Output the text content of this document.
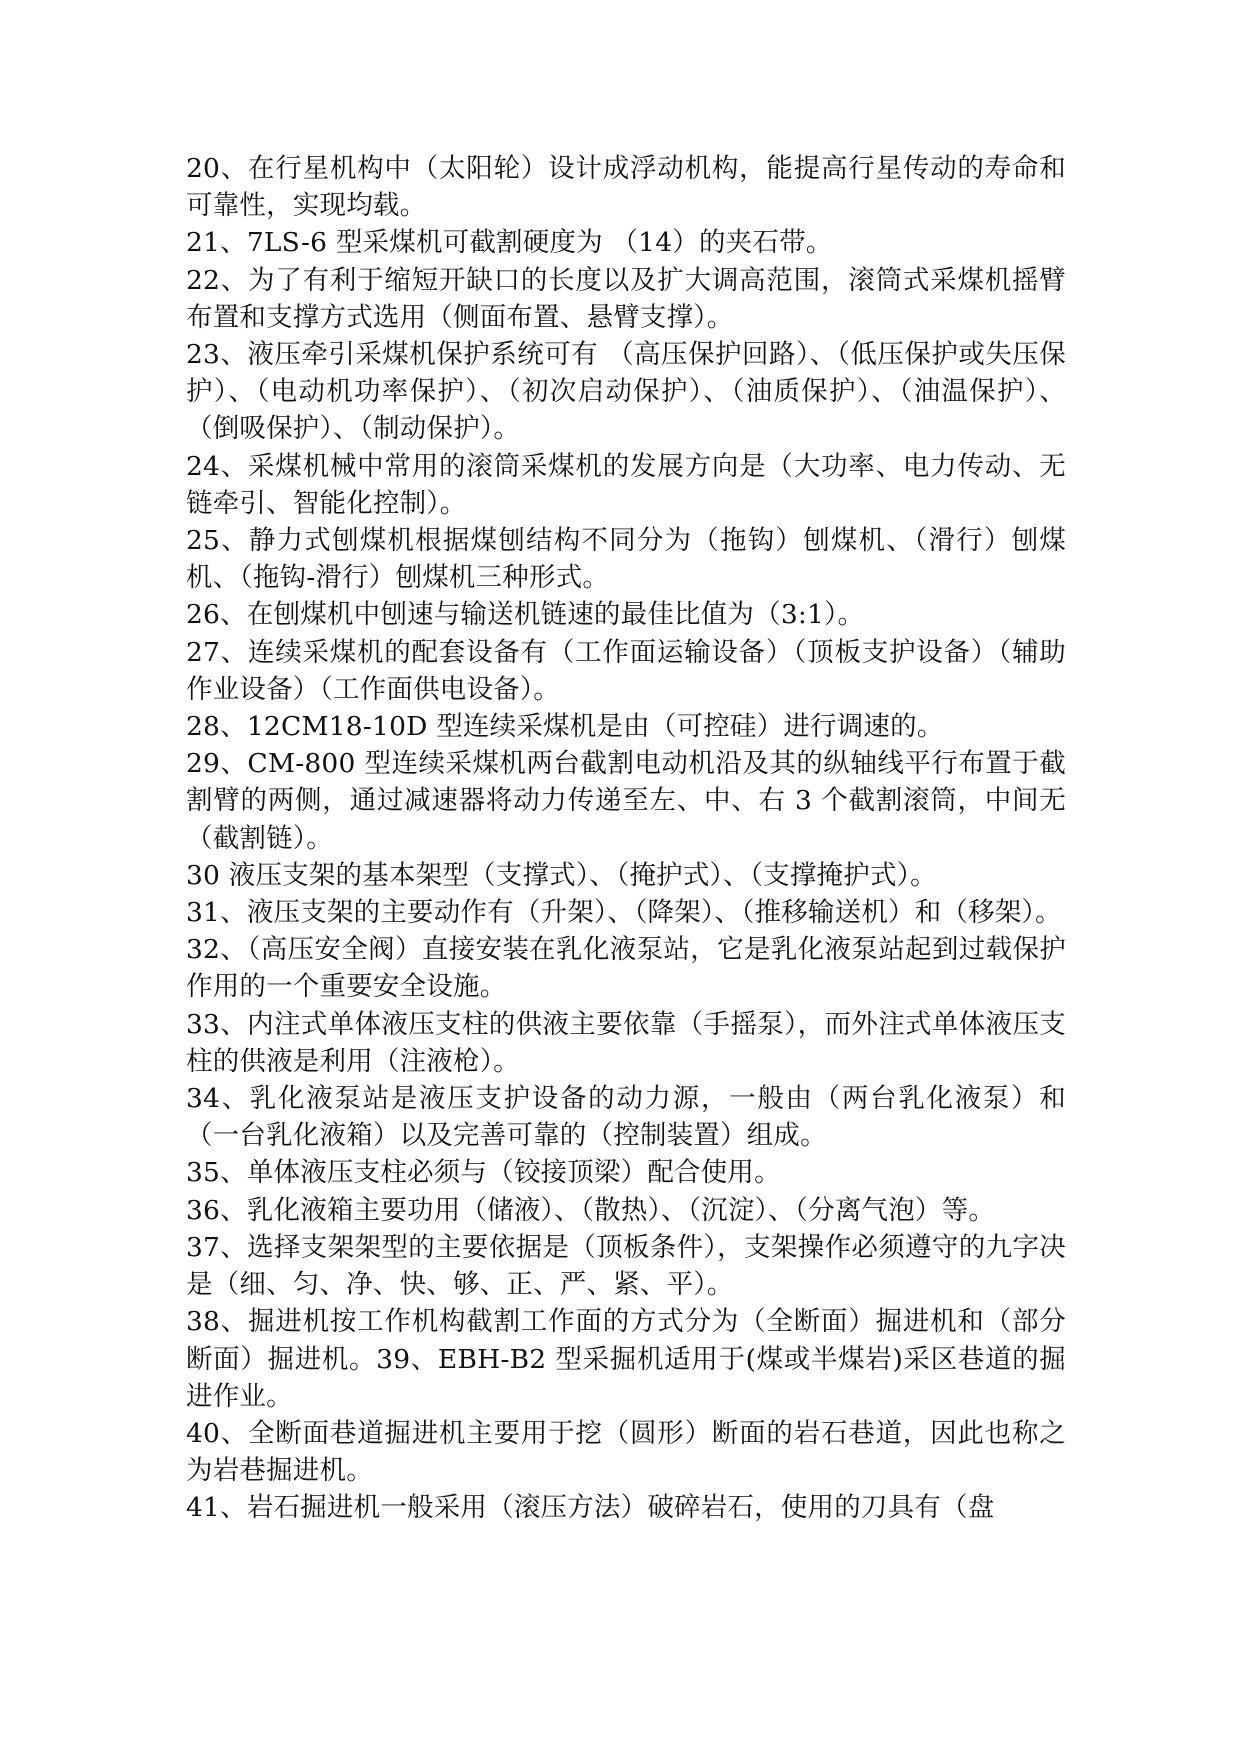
20、在行星机构中（太阳轮）设计成浮动机构，能提高行星传动的寿命和可靠性，实现均载。

21、7LS-6 型采煤机可截割硬度为 （14）的夹石带。

22、为了有利于缩短开缺口的长度以及扩大调高范围，滚筒式采煤机摇臂布置和支撑方式选用（侧面布置、悬臂支撑）。

23、液压牵引采煤机保护系统可有 （高压保护回路）、（低压保护或失压保护）、（电动机功率保护）、（初次启动保护）、（油质保护）、（油温保护）、（倒吸保护）、（制动保护）。

24、采煤机械中常用的滚筒采煤机的发展方向是（大功率、电力传动、无链牵引、智能化控制）。

25、静力式刨煤机根据煤刨结构不同分为（拖钩）刨煤机、（滑行）刨煤机、（拖钩-滑行）刨煤机三种形式。

26、在刨煤机中刨速与输送机链速的最佳比值为（3:1）。

27、连续采煤机的配套设备有（工作面运输设备）（顶板支护设备）（辅助作业设备）（工作面供电设备）。

28、12CM18-10D 型连续采煤机是由（可控硅）进行调速的。

29、CM-800 型连续采煤机两台截割电动机沿及其的纵轴线平行布置于截割臂的两侧，通过减速器将动力传递至左、中、右 3 个截割滚筒，中间无（截割链）。

30 液压支架的基本架型（支撑式）、（掩护式）、（支撑掩护式）。

31、液压支架的主要动作有（升架）、（降架）、（推移输送机）和（移架）。

32、（高压安全阀）直接安装在乳化液泵站，它是乳化液泵站起到过载保护作用的一个重要安全设施。

33、内注式单体液压支柱的供液主要依靠（手摇泵），而外注式单体液压支柱的供液是利用（注液枪）。

34、乳化液泵站是液压支护设备的动力源，一般由（两台乳化液泵）和（一台乳化液箱）以及完善可靠的（控制装置）组成。

35、单体液压支柱必须与（铰接顶梁）配合使用。

36、乳化液箱主要功用（储液）、（散热）、（沉淀）、（分离气泡）等。

37、选择支架架型的主要依据是（顶板条件），支架操作必须遵守的九字决是（细、匀、净、快、够、正、严、紧、平）。

38、掘进机按工作机构截割工作面的方式分为（全断面）掘进机和（部分断面）掘进机。39、EBH-B2 型采掘机适用于(煤或半煤岩)采区巷道的掘进作业。

40、全断面巷道掘进机主要用于挖（圆形）断面的岩石巷道，因此也称之为岩巷掘进机。

41、岩石掘进机一般采用（滚压方法）破碎岩石，使用的刀具有（盘
